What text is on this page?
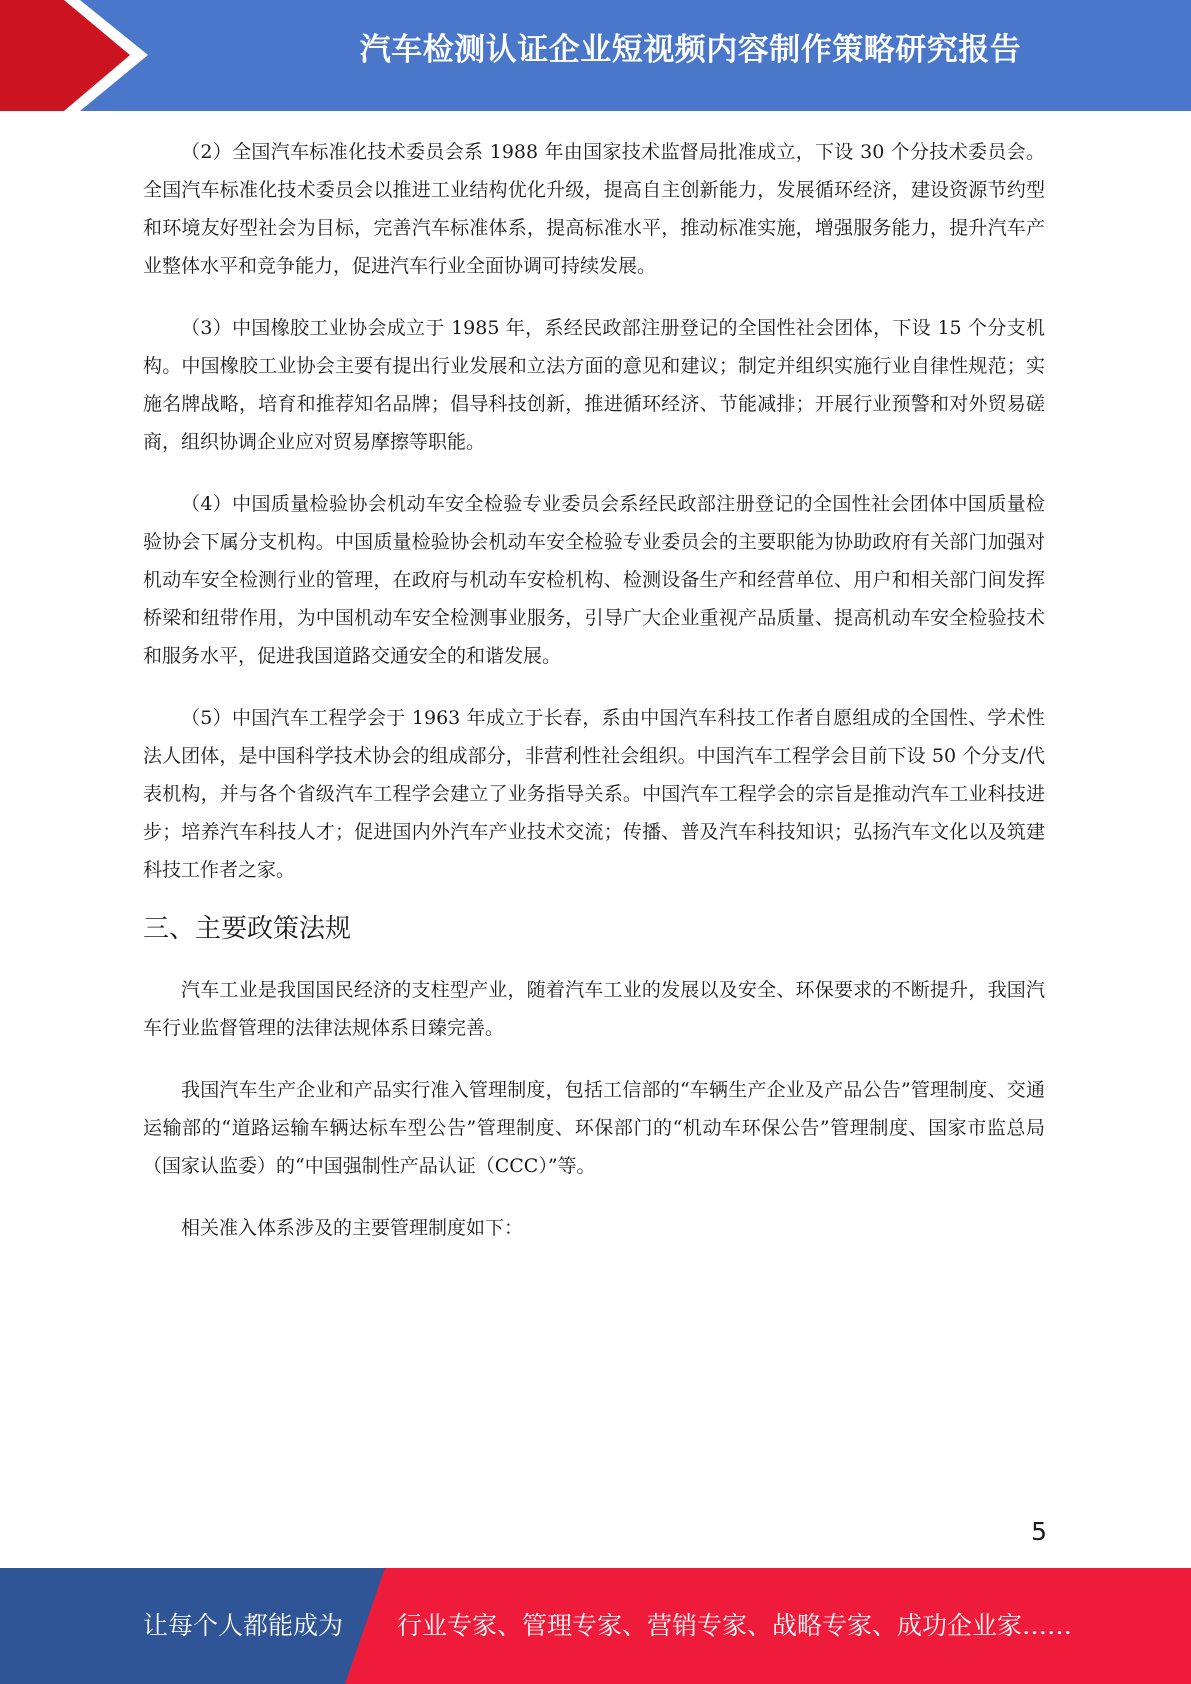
汽车检测认证企业短视频内容制作策略研究报告

（2）全国汽车标准化技术委员会系 1988 年由国家技术监督局批准成立，下设 30 个分技术委员会。全国汽车标准化技术委员会以推进工业结构优化升级，提高自主创新能力，发展循环经济，建设资源节约型和环境友好型社会为目标，完善汽车标准体系，提高标准水平，推动标准实施，增强服务能力，提升汽车产业整体水平和竞争能力，促进汽车行业全面协调可持续发展。

（3）中国橡胶工业协会成立于 1985 年，系经民政部注册登记的全国性社会团体，下设 15 个分支机构。中国橡胶工业协会主要有提出行业发展和立法方面的意见和建议；制定并组织实施行业自律性规范；实施名牌战略，培育和推荐知名品牌；倡导科技创新，推进循环经济、节能减排；开展行业预警和对外贸易磋商，组织协调企业应对贸易摩擦等职能。

（4）中国质量检验协会机动车安全检验专业委员会系经民政部注册登记的全国性社会团体中国质量检验协会下属分支机构。中国质量检验协会机动车安全检验专业委员会的主要职能为协助政府有关部门加强对机动车安全检测行业的管理，在政府与机动车安检机构、检测设备生产和经营单位、用户和相关部门间发挥桥梁和纽带作用，为中国机动车安全检测事业服务，引导广大企业重视产品质量、提高机动车安全检验技术和服务水平，促进我国道路交通安全的和谐发展。

（5）中国汽车工程学会于 1963 年成立于长春，系由中国汽车科技工作者自愿组成的全国性、学术性法人团体，是中国科学技术协会的组成部分，非营利性社会组织。中国汽车工程学会目前下设 50 个分支/代表机构，并与各个省级汽车工程学会建立了业务指导关系。中国汽车工程学会的宗旨是推动汽车工业科技进步；培养汽车科技人才；促进国内外汽车产业技术交流；传播、普及汽车科技知识；弘扬汽车文化以及筑建科技工作者之家。

三、主要政策法规

汽车工业是我国国民经济的支柱型产业，随着汽车工业的发展以及安全、环保要求的不断提升，我国汽车行业监督管理的法律法规体系日臻完善。

我国汽车生产企业和产品实行准入管理制度，包括工信部的“车辆生产企业及产品公告”管理制度、交通运输部的“道路运输车辆达标车型公告”管理制度、环保部门的“机动车环保公告”管理制度、国家市监总局（国家认监委）的“中国强制性产品认证（CCC）”等。

相关准入体系涉及的主要管理制度如下：

5
让每个人都能成为 行业专家、管理专家、营销专家、战略专家、成功企业家……
